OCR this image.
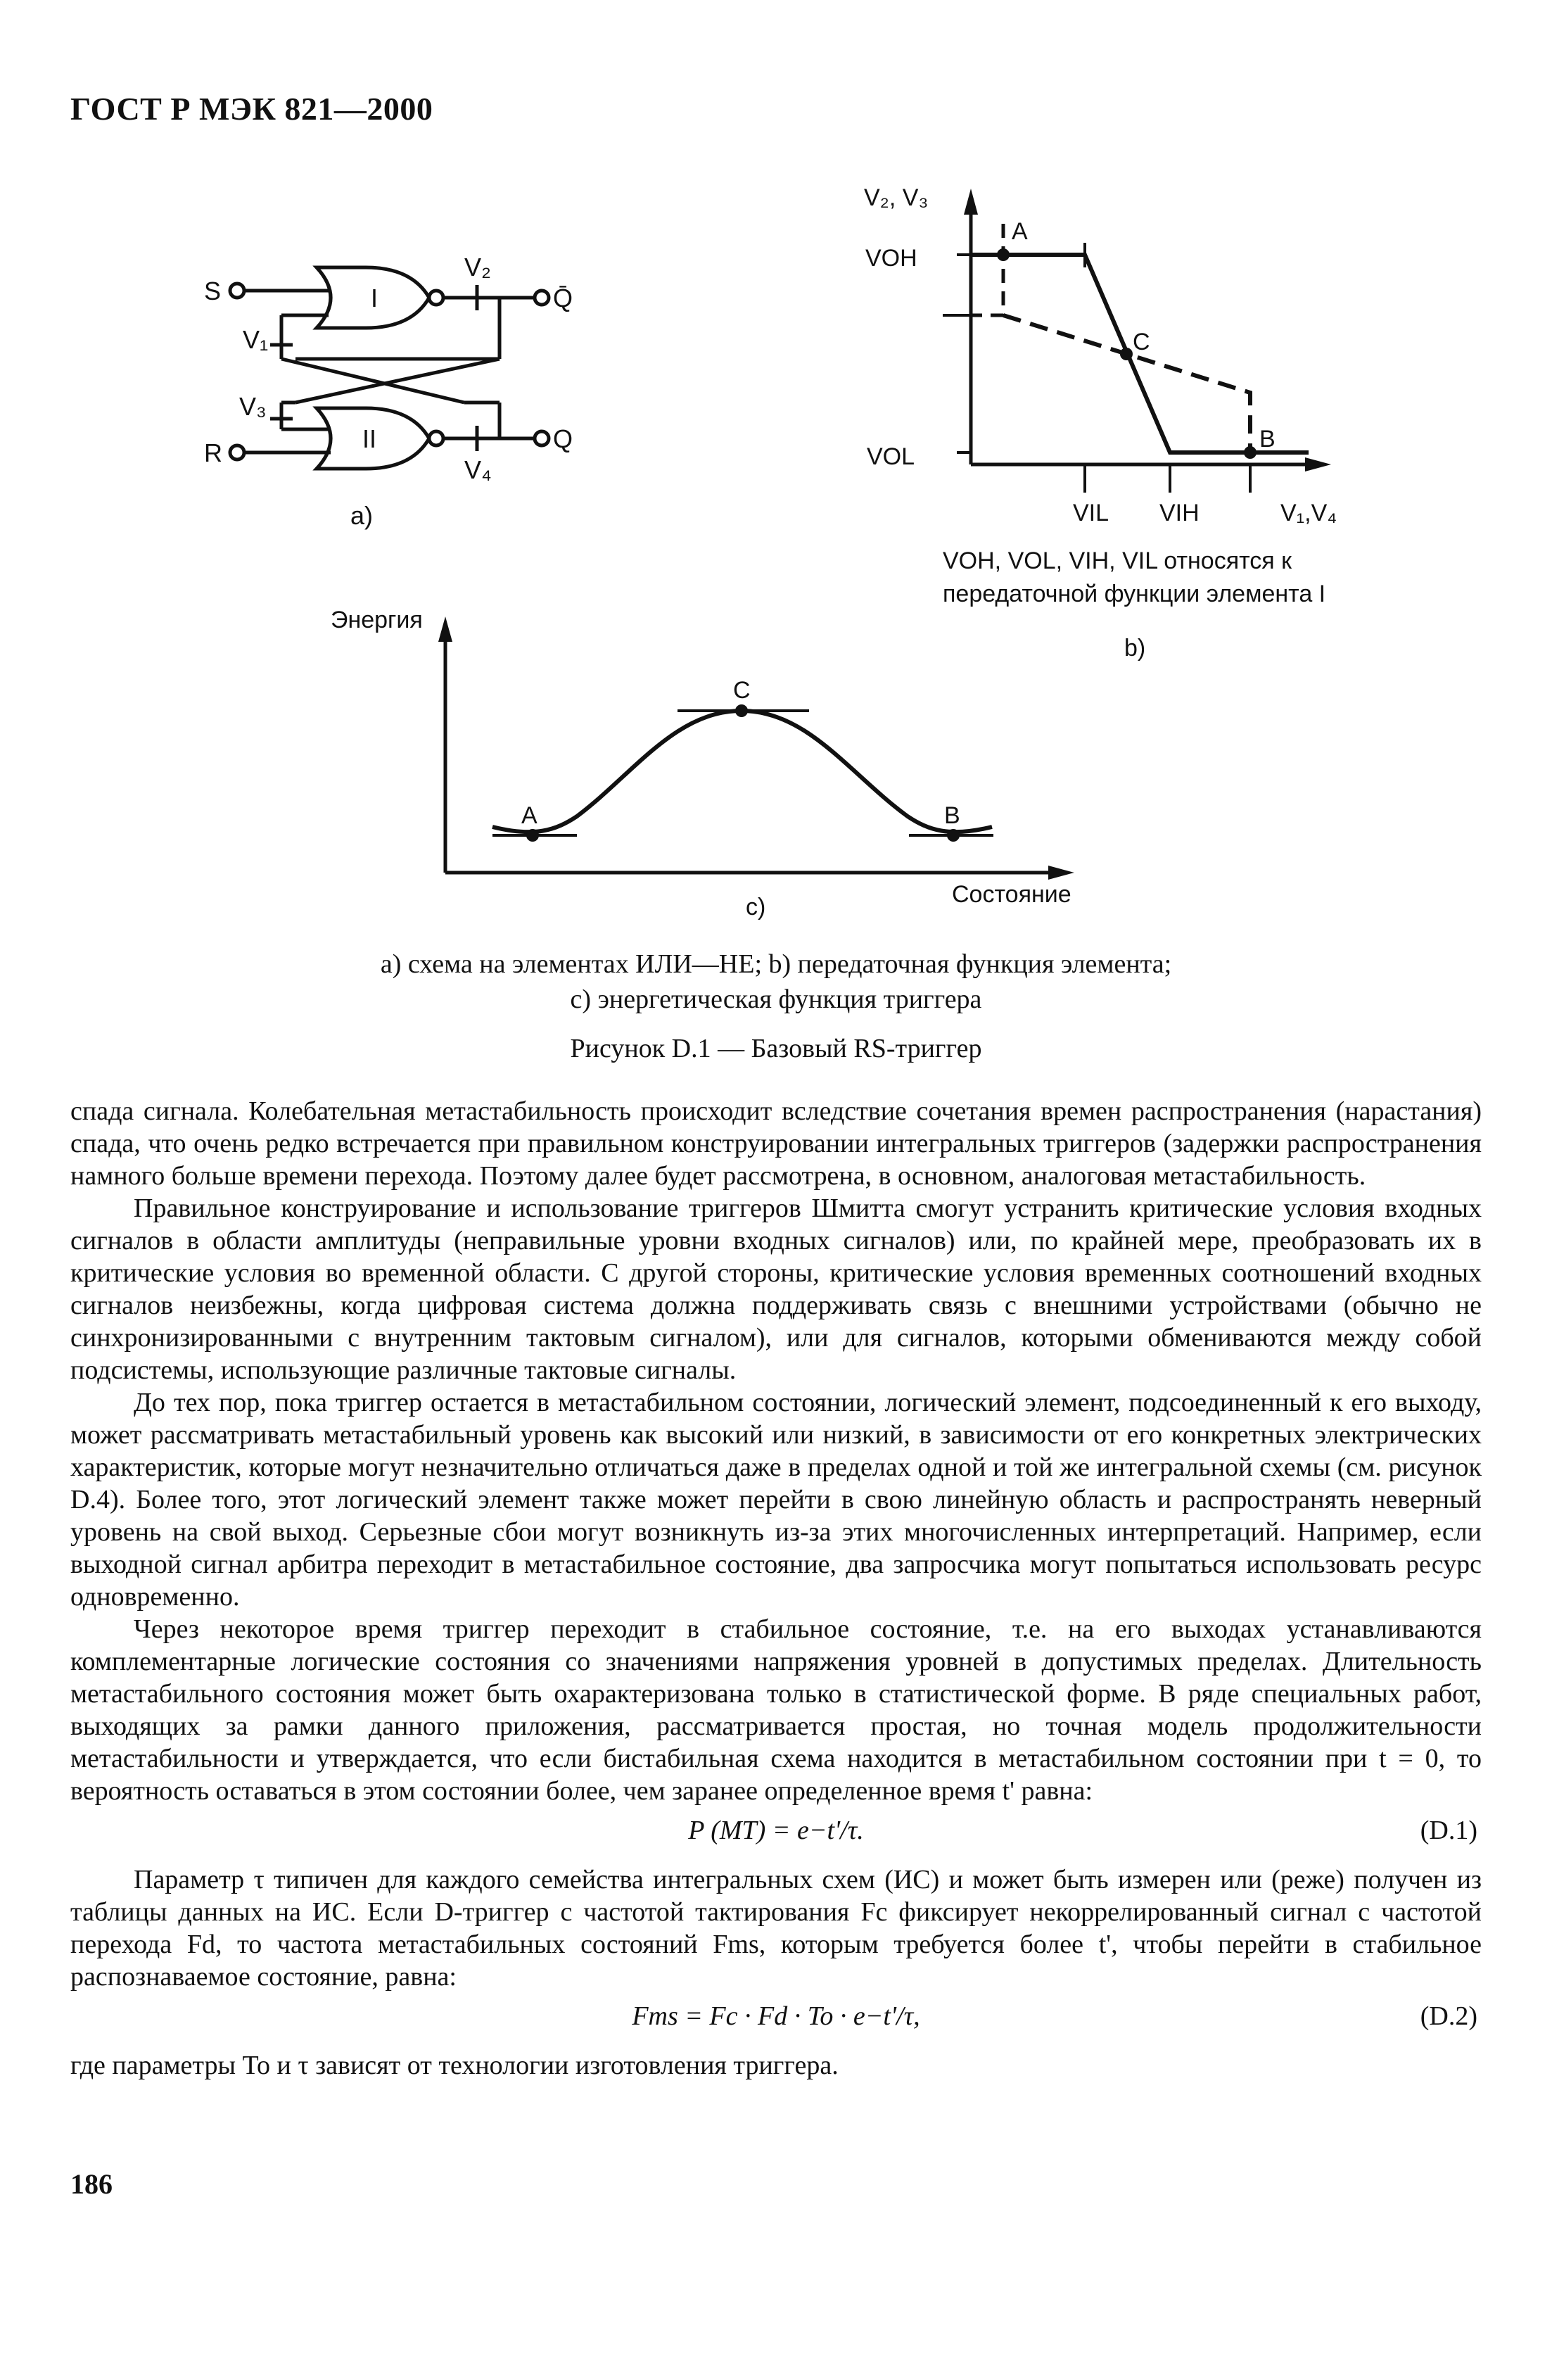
ГОСТ Р МЭК 821—2000
S
R
I
II
V₁
V₂
V₃
V₄
Q̄
Q
a)
V₂, V₃
VOH
VOL
VIL VIH	V₁,V₄
A
C
B
VOH, VOL, VIH, VIL относятся к
передаточной функции элемента I
b)
Энергия
Состояние
A
C
B
c)
а) схема на элементах ИЛИ—НЕ; b) передаточная функция элемента;
c) энергетическая функция триггера
Рисунок D.1 — Базовый RS-триггер

спада сигнала. Колебательная метастабильность происходит вследствие сочетания времен распространения (нарастания) спада, что очень редко встречается при правильном конструировании интегральных триггеров (задержки распространения намного больше времени перехода. Поэтому далее будет рассмотрена, в основном, аналоговая метастабильность.

Правильное конструирование и использование триггеров Шмитта смогут устранить критические условия входных сигналов в области амплитуды (неправильные уровни входных сигналов) или, по крайней мере, преобразовать их в критические условия во временной области. С другой стороны, критические условия временных соотношений входных сигналов неизбежны, когда цифровая система должна поддерживать связь с внешними устройствами (обычно не синхронизированными с внутренним тактовым сигналом), или для сигналов, которыми обмениваются между собой подсистемы, использующие различные тактовые сигналы.

До тех пор, пока триггер остается в метастабильном состоянии, логический элемент, подсоединенный к его выходу, может рассматривать метастабильный уровень как высокий или низкий, в зависимости от его конкретных электрических характеристик, которые могут незначительно отличаться даже в пределах одной и той же интегральной схемы (см. рисунок D.4). Более того, этот логический элемент также может перейти в свою линейную область и распространять неверный уровень на свой выход. Серьезные сбои могут возникнуть из-за этих многочисленных интерпретаций. Например, если выходной сигнал арбитра переходит в метастабильное состояние, два запросчика могут попытаться использовать ресурс одновременно.

Через некоторое время триггер переходит в стабильное состояние, т.е. на его выходах устанавливаются комплементарные логические состояния со значениями напряжения уровней в допустимых пределах. Длительность метастабильного состояния может быть охарактеризована только в статистической форме. В ряде специальных работ, выходящих за рамки данного приложения, рассматривается простая, но точная модель продолжительности метастабильности и утверждается, что если бистабильная схема находится в метастабильном состоянии при t = 0, то вероятность оставаться в этом состоянии более, чем заранее определенное время t' равна:

P (MT) = e−t'/τ.	(D.1)

Параметр τ типичен для каждого семейства интегральных схем (ИС) и может быть измерен или (реже) получен из таблицы данных на ИС. Если D-триггер с частотой тактирования Fc фиксирует некоррелированный сигнал с частотой перехода Fd, то частота метастабильных состояний Fms, которым требуется более t', чтобы перейти в стабильное распознаваемое состояние, равна:

Fms = Fc · Fd · To · e−t'/τ,	(D.2)

где параметры To и τ зависят от технологии изготовления триггера.

186
